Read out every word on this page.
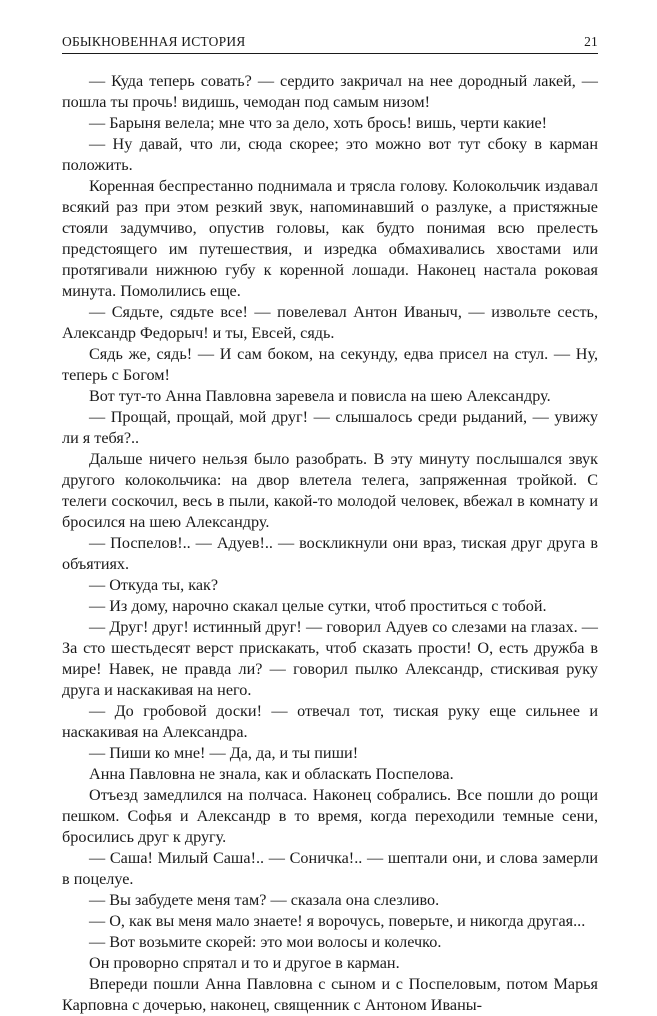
ОБЫКНОВЕННАЯ ИСТОРИЯ	21

— Куда теперь совать? — сердито закричал на нее дородный лакей, — пошла ты прочь! видишь, чемодан под самым низом!

— Барыня велела; мне что за дело, хоть брось! вишь, черти какие!

— Ну давай, что ли, сюда скорее; это можно вот тут сбоку в карман положить.

Коренная беспрестанно поднимала и трясла голову. Колокольчик издавал всякий раз при этом резкий звук, напоминавший о разлуке, а пристяжные стояли задумчиво, опустив головы, как будто понимая всю прелесть предстоящего им путешествия, и изредка обмахивались хвостами или протягивали нижнюю губу к коренной лошади. Наконец настала роковая минута. Помолились еще.

— Сядьте, сядьте все! — повелевал Антон Иваныч, — извольте сесть, Александр Федорыч! и ты, Евсей, сядь.

Сядь же, сядь! — И сам боком, на секунду, едва присел на стул. — Ну, теперь с Богом!

Вот тут-то Анна Павловна заревела и повисла на шею Александру.

— Прощай, прощай, мой друг! — слышалось среди рыданий, — увижу ли я тебя?..

Дальше ничего нельзя было разобрать. В эту минуту послышался звук другого колокольчика: на двор влетела телега, запряженная тройкой. С телеги соскочил, весь в пыли, какой-то молодой человек, вбежал в комнату и бросился на шею Александру.

— Поспелов!.. — Адуев!.. — воскликнули они враз, тиская друг друга в объятиях.

— Откуда ты, как?

— Из дому, нарочно скакал целые сутки, чтоб проститься с тобой.

— Друг! друг! истинный друг! — говорил Адуев со слезами на глазах. — За сто шестьдесят верст прискакать, чтоб сказать прости! О, есть дружба в мире! Навек, не правда ли? — говорил пылко Александр, стискивая руку друга и наскакивая на него.

— До гробовой доски! — отвечал тот, тиская руку еще сильнее и наскакивая на Александра.

— Пиши ко мне! — Да, да, и ты пиши!

Анна Павловна не знала, как и обласкать Поспелова.

Отъезд замедлился на полчаса. Наконец собрались. Все пошли до рощи пешком. Софья и Александр в то время, когда переходили темные сени, бросились друг к другу.

— Саша! Милый Саша!.. — Соничка!.. — шептали они, и слова замерли в поцелуе.

— Вы забудете меня там? — сказала она слезливо.

— О, как вы меня мало знаете! я ворочусь, поверьте, и никогда другая...

— Вот возьмите скорей: это мои волосы и колечко.

Он проворно спрятал и то и другое в карман.

Впереди пошли Анна Павловна с сыном и с Поспеловым, потом Марья Карповна с дочерью, наконец, священник с Антоном Иваны-
